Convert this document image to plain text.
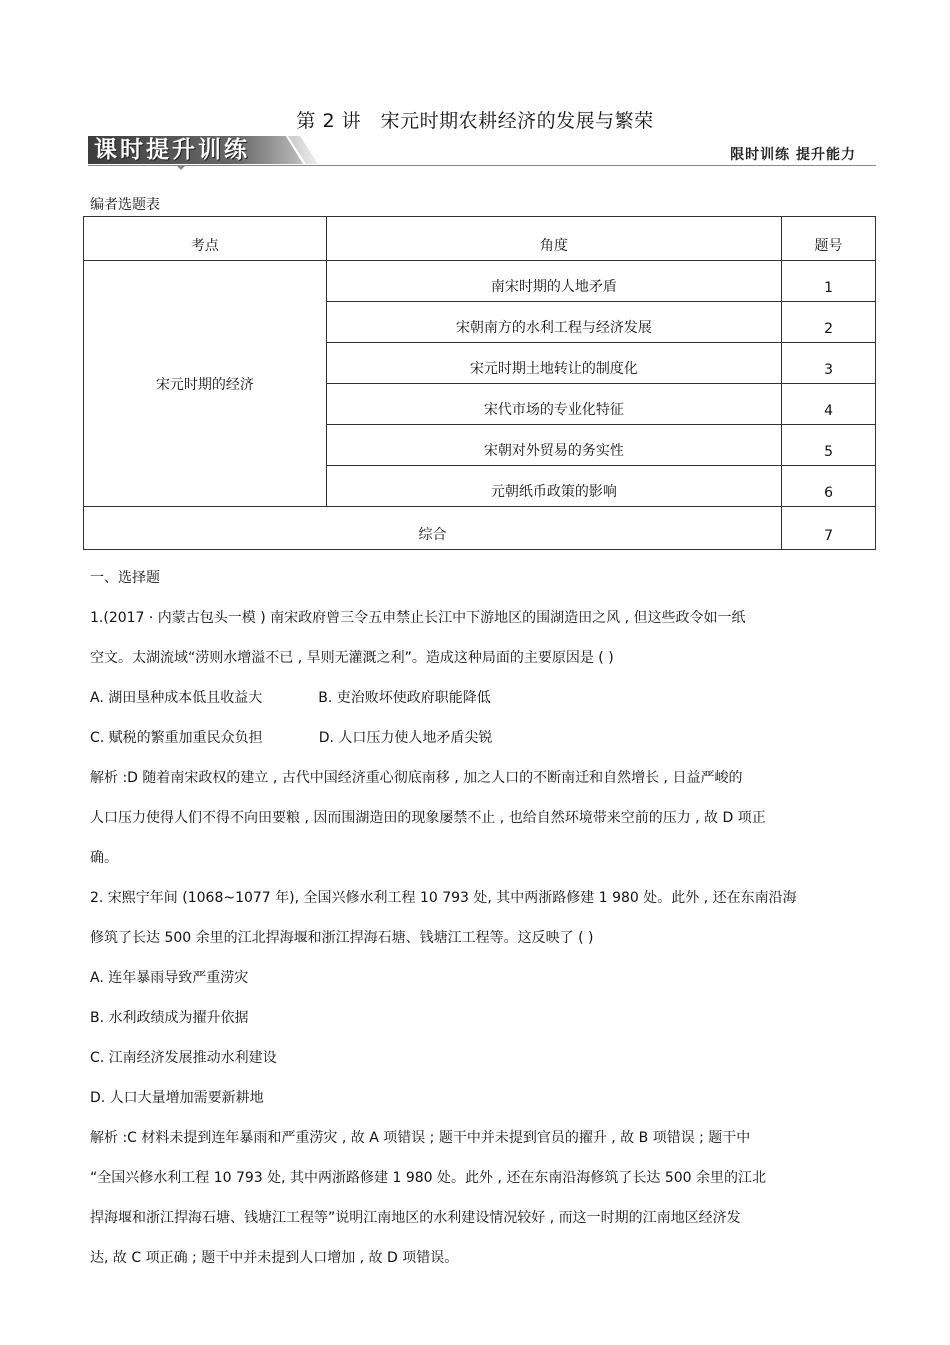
第 2 讲　宋元时期农耕经济的发展与繁荣
课时提升训练	限时训练 提升能力
编者选题表
考点	角度	题号
宋元时期的经济	南宋时期的人地矛盾	1
	宋朝南方的水利工程与经济发展	2
	宋元时期土地转让的制度化	3
	宋代市场的专业化特征	4
	宋朝对外贸易的务实性	5
	元朝纸币政策的影响	6
综合		7

一、选择题

1.(2017 · 内蒙古包头一模 ) 南宋政府曾三令五申禁止长江中下游地区的围湖造田之风 , 但这些政令如一纸

空文。太湖流域“涝则水增溢不已 , 旱则无灌溉之利”。造成这种局面的主要原因是 ( )

A. 湖田垦种成本低且收益大	B. 吏治败坏使政府职能降低

C. 赋税的繁重加重民众负担	D. 人口压力使人地矛盾尖锐

解析 :D 随着南宋政权的建立 , 古代中国经济重心彻底南移 , 加之人口的不断南迁和自然增长 , 日益严峻的

人口压力使得人们不得不向田要粮 , 因而围湖造田的现象屡禁不止 , 也给自然环境带来空前的压力 , 故 D 项正

确。

2. 宋熙宁年间 (1068~1077 年), 全国兴修水利工程 10 793 处, 其中两浙路修建 1 980 处。此外 , 还在东南沿海

修筑了长达 500 余里的江北捍海堰和浙江捍海石塘、钱塘江工程等。这反映了 ( )

A. 连年暴雨导致严重涝灾

B. 水利政绩成为擢升依据

C. 江南经济发展推动水利建设

D. 人口大量增加需要新耕地

解析 :C 材料未提到连年暴雨和严重涝灾 , 故 A 项错误 ; 题干中并未提到官员的擢升 , 故 B 项错误 ; 题干中

“全国兴修水利工程 10 793 处, 其中两浙路修建 1 980 处。此外 , 还在东南沿海修筑了长达 500 余里的江北

捍海堰和浙江捍海石塘、钱塘江工程等”说明江南地区的水利建设情况较好 , 而这一时期的江南地区经济发

达, 故 C 项正确 ; 题干中并未提到人口增加 , 故 D 项错误。
